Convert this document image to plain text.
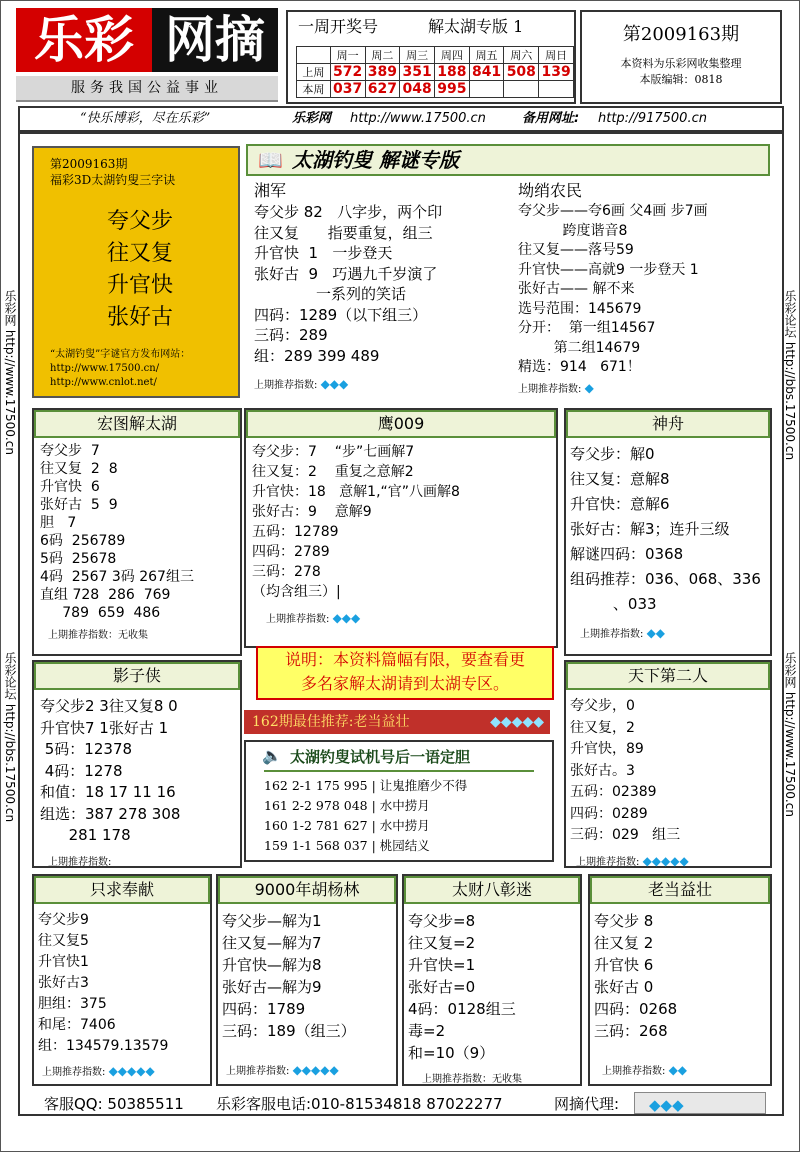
乐彩 网摘
服务我国公益事业
一周开奖号	解太湖专版 1
	周一	周二	周三	周四	周五	周六	周日
上周	572	389	351	188	841	508	139
本周	037	627	048	995			
第2009163期
本资料为乐彩网收集整理
本版编辑：0818
“快乐博彩，尽在乐彩”	乐彩网 http://www.17500.cn	备用网址: http://917500.cn
乐彩网 http://www.17500.cn
乐彩论坛 http://bbs.17500.cn
乐彩论坛 http://bbs.17500.cn
乐彩网 http://www.17500.cn
第2009163期
福彩3D太湖钓叟三字诀
夸父步
往又复
升官快
张好古
“太湖钓叟”字谜官方发布网站：
http://www.17500.cn/
http://www.cnlot.net/
📖 太湖钓叟 解谜专版
湘军
夸父步 82   八字步，两个印
往又复      指要重复，组三
升官快  1   一步登天
张好古  9   巧遇九千岁演了
一系列的笑话
四码：1289（以下组三）
三码：289
组：289 399 489
上期推荐指数: ◆◆◆
坳绡农民
夸父步——夸6画 父4画 步7画
跨度谐音8
往又复——落号59
升官快——高就9 一步登天 1
张好古—— 解不来
选号范围：145679
分开：  第一组14567
第二组14679
精选：914   671！
上期推荐指数: ◆
宏图解太湖
夸父步  7
往又复  2  8
升官快  6
张好古  5  9
胆   7
6码  256789
5码  25678
4码  2567 3码 267组三
直组 728  286  769
789  659  486
上期推荐指数：无收集
鹰009
夸父步：7    “步”七画解7
往又复：2    重复之意解2
升官快：18   意解1,“官”八画解8
张好古：9    意解9
五码：12789
四码：2789
三码：278
（均含组三）|
上期推荐指数: ◆◆◆
神舟
夸父步：解0
往又复：意解8
升官快：意解6
张好古：解3；连升三级
解谜四码：0368
组码推荐：036、068、336
、033
上期推荐指数: ◆◆
说明：本资料篇幅有限，要查看更
多名家解太湖请到太湖专区。
影子侠
夸父步2 3往又复8 0
升官快7 1张好古 1
5码：12378
4码：1278
和值：18 17 11 16
组选：387 278 308
281 178
上期推荐指数:
162期最佳推荐:老当益壮	◆◆◆◆◆
🔈 太湖钓叟试机号后一语定胆
162 2-1 175 995 | 让鬼推磨少不得
161 2-2 978 048 | 水中捞月
160 1-2 781 627 | 水中捞月
159 1-1 568 037 | 桃园结义
天下第二人
夸父步，0
往又复，2
升官快，89
张好古。3
五码：02389
四码：0289
三码：029   组三
上期推荐指数: ◆◆◆◆◆
只求奉献
夸父步9
往又复5
升官快1
张好古3
胆组：375
和尾：7406
组：134579.13579
上期推荐指数: ◆◆◆◆◆
9000年胡杨林
夸父步—解为1
往又复—解为7
升官快—解为8
张好古—解为9
四码：1789
三码：189（组三）
上期推荐指数: ◆◆◆◆◆
太财八彰迷
夸父步=8
往又复=2
升官快=1
张好古=0
4码：0128组三
毒=2
和=10（9）
上期推荐指数：无收集
老当益壮
夸父步 8
往又复 2
升官快 6
张好古 0
四码：0268
三码：268
上期推荐指数: ◆◆
客服QQ: 50385511 乐彩客服电话:010-81534818 87022277	网摘代理:	◆◆◆
